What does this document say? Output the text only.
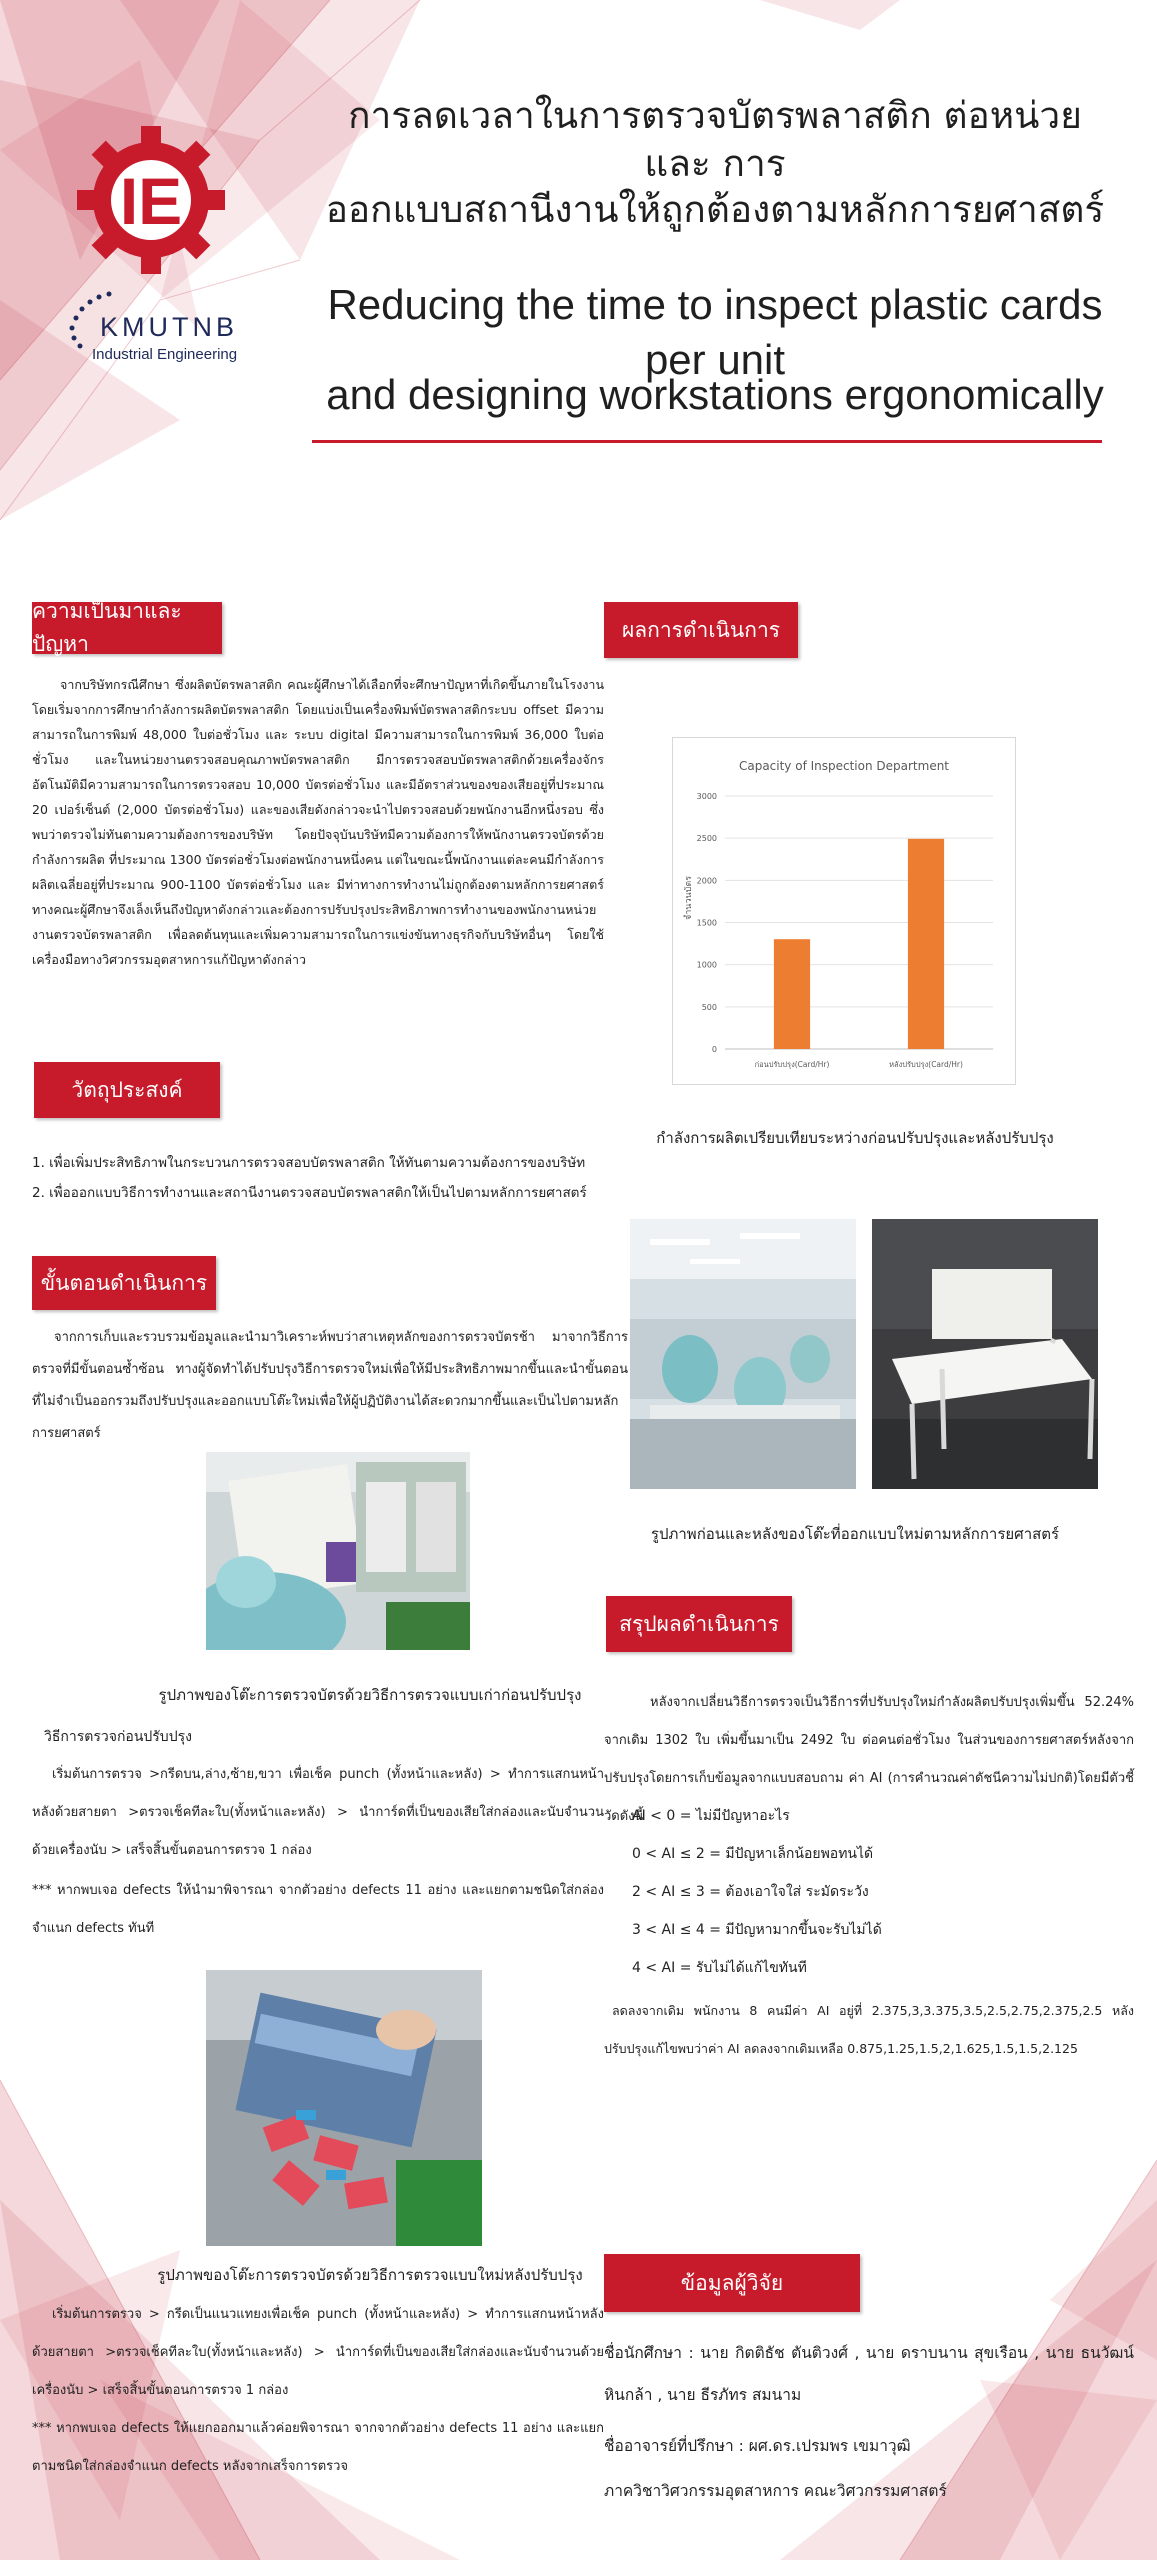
IE
KMUTNB
Industrial Engineering
การลดเวลาในการตรวจบัตรพลาสติก ต่อหน่วย และ การ
ออกแบบสถานีงานให้ถูกต้องตามหลักการยศาสตร์
Reducing the time to inspect plastic cards per unit
and designing workstations ergonomically
ความเป็นมาและปัญหา
จากบริษัทกรณีศึกษา ซึ่งผลิตบัตรพลาสติก คณะผู้ศึกษาได้เลือกที่จะศึกษาปัญหาที่เกิดขึ้นภายในโรงงาน โดยเริ่มจากการศึกษากำลังการผลิตบัตรพลาสติก โดยแบ่งเป็นเครื่องพิมพ์บัตรพลาสติกระบบ offset มีความสามารถในการพิมพ์ 48,000 ใบต่อชั่วโมง และ ระบบ digital มีความสามารถในการพิมพ์ 36,000 ใบต่อชั่วโมง และในหน่วยงานตรวจสอบคุณภาพบัตรพลาสติก มีการตรวจสอบบัตรพลาสติกด้วยเครื่องจักรอัตโนมัติมีความสามารถในการตรวจสอบ 10,000 บัตรต่อชั่วโมง และมีอัตราส่วนของของเสียอยู่ที่ประมาณ 20 เปอร์เซ็นต์ (2,000 บัตรต่อชั่วโมง) และของเสียดังกล่าวจะนำไปตรวจสอบด้วยพนักงานอีกหนึ่งรอบ ซึ่งพบว่าตรวจไม่ทันตามความต้องการของบริษัท โดยปัจจุบันบริษัทมีความต้องการให้พนักงานตรวจบัตรด้วยกำลังการผลิต ที่ประมาณ 1300 บัตรต่อชั่วโมงต่อพนักงานหนึ่งคน แต่ในขณะนี้พนักงานแต่ละคนมีกำลังการผลิตเฉลี่ยอยู่ที่ประมาณ 900-1100 บัตรต่อชั่วโมง และ มีท่าทางการทำงานไม่ถูกต้องตามหลักการยศาสตร์ ทางคณะผู้ศึกษาจึงเล็งเห็นถึงปัญหาดังกล่าวและต้องการปรับปรุงประสิทธิภาพการทำงานของพนักงานหน่วยงานตรวจบัตรพลาสติก เพื่อลดต้นทุนและเพิ่มความสามารถในการแข่งขันทางธุรกิจกับบริษัทอื่นๆ โดยใช้เครื่องมือทางวิศวกรรมอุตสาหการแก้ปัญหาดังกล่าว
วัตถุประสงค์
1. เพื่อเพิ่มประสิทธิภาพในกระบวนการตรวจสอบบัตรพลาสติก ให้ทันตามความต้องการของบริษัท
2. เพื่อออกแบบวิธีการทำงานและสถานีงานตรวจสอบบัตรพลาสติกให้เป็นไปตามหลักการยศาสตร์
ขั้นตอนดำเนินการ
จากการเก็บและรวบรวมข้อมูลและนำมาวิเคราะห์พบว่าสาเหตุหลักของการตรวจบัตรช้า มาจากวิธีการตรวจที่มีขั้นตอนซ้ำซ้อน ทางผู้จัดทำได้ปรับปรุงวิธีการตรวจใหม่เพื่อให้มีประสิทธิภาพมากขึ้นและนำขั้นตอนที่ไม่จำเป็นออกรวมถึงปรับปรุงและออกแบบโต๊ะใหม่เพื่อให้ผู้ปฏิบัติงานได้สะดวกมากขึ้นและเป็นไปตามหลักการยศาสตร์
รูปภาพของโต๊ะการตรวจบัตรด้วยวิธีการตรวจแบบเก่าก่อนปรับปรุง
วิธีการตรวจก่อนปรับปรุง
เริ่มต้นการตรวจ >กรีดบน,ล่าง,ซ้าย,ขวา เพื่อเช็ค punch (ทั้งหน้าและหลัง) > ทำการแสกนหน้าหลังด้วยสายตา >ตรวจเช็คทีละใบ(ทั้งหน้าและหลัง) > นำการ์ดที่เป็นของเสียใส่กล่องและนับจำนวนด้วยเครื่องนับ > เสร็จสิ้นขั้นตอนการตรวจ 1 กล่อง
*** หากพบเจอ defects ให้นำมาพิจารณา จากตัวอย่าง defects 11 อย่าง และแยกตามชนิดใส่กล่องจำแนก defects ทันที
รูปภาพของโต๊ะการตรวจบัตรด้วยวิธีการตรวจแบบใหม่หลังปรับปรุง
เริ่มต้นการตรวจ > กรีดเป็นแนวแทยงเพื่อเช็ค punch (ทั้งหน้าและหลัง) > ทำการแสกนหน้าหลังด้วยสายตา >ตรวจเช็คทีละใบ(ทั้งหน้าและหลัง) > นำการ์ดที่เป็นของเสียใส่กล่องและนับจำนวนด้วยเครื่องนับ > เสร็จสิ้นขั้นตอนการตรวจ 1 กล่อง
*** หากพบเจอ defects ให้แยกออกมาแล้วค่อยพิจารณา จากจากตัวอย่าง defects 11 อย่าง และแยกตามชนิดใส่กล่องจำแนก defects หลังจากเสร็จการตรวจ
ผลการดำเนินการ
Capacity of Inspection Department
จำนวนบัตร
0
500
1000
1500
2000
2500
3000
ก่อนปรับปรุง(Card/Hr)	หลังปรับปรุง(Card/Hr)
กำลังการผลิตเปรียบเทียบระหว่างก่อนปรับปรุงและหลังปรับปรุง
รูปภาพก่อนและหลังของโต๊ะที่ออกแบบใหม่ตามหลักการยศาสตร์
สรุปผลดำเนินการ
หลังจากเปลี่ยนวิธีการตรวจเป็นวิธีการที่ปรับปรุงใหม่กำลังผลิตปรับปรุงเพิ่มขึ้น 52.24% จากเดิม 1302 ใบ เพิ่มขึ้นมาเป็น 2492 ใบ ต่อคนต่อชั่วโมง ในส่วนของการยศาสตร์หลังจากปรับปรุงโดยการเก็บข้อมูลจากแบบสอบถาม ค่า AI (การคำนวณค่าดัชนีความไม่ปกติ)โดยมีตัวชี้วัดดังนี้
AI < 0 = ไม่มีปัญหาอะไร
0 < AI ≤ 2 = มีปัญหาเล็กน้อยพอทนได้
2 < AI ≤ 3 = ต้องเอาใจใส่ ระมัดระวัง
3 < AI ≤ 4 = มีปัญหามากขึ้นจะรับไม่ได้
4 < AI = รับไม่ได้แก้ไขทันที
ลดลงจากเดิม พนักงาน 8 คนมีค่า AI อยู่ที่ 2.375,3,3.375,3.5,2.5,2.75,2.375,2.5 หลังปรับปรุงแก้ไขพบว่าค่า AI ลดลงจากเดิมเหลือ 0.875,1.25,1.5,2,1.625,1.5,1.5,2.125
ข้อมูลผู้วิจัย
ชื่อนักศึกษา : นาย กิตติธัช ตันติวงศ์ , นาย ดราบนาน สุขเรือน , นาย ธนวัฒน์ หินกล้า , นาย ธีรภัทร สมนาม
ชื่ออาจารย์ที่ปรึกษา : ผศ.ดร.เปรมพร เขมาวุฒิ
ภาควิชาวิศวกรรมอุตสาหการ คณะวิศวกรรมศาสตร์
